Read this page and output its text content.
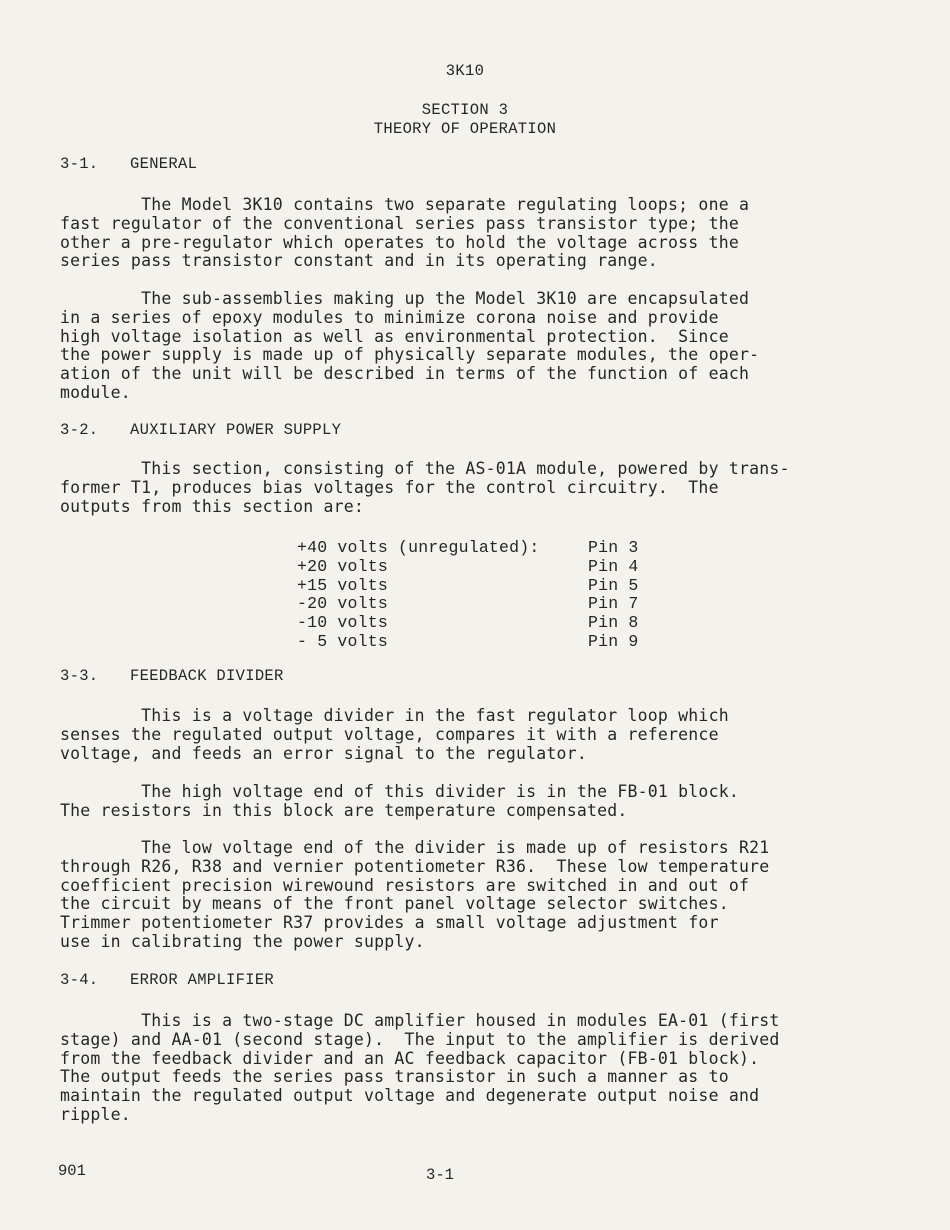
3K10
SECTION 3
THEORY OF OPERATION
3-1. GENERAL
The Model 3K10 contains two separate regulating loops; one a
fast regulator of the conventional series pass transistor type; the
other a pre-regulator which operates to hold the voltage across the
series pass transistor constant and in its operating range.
The sub-assemblies making up the Model 3K10 are encapsulated
in a series of epoxy modules to minimize corona noise and provide
high voltage isolation as well as environmental protection.  Since
the power supply is made up of physically separate modules, the oper-
ation of the unit will be described in terms of the function of each
module.
3-2. AUXILIARY POWER SUPPLY
This section, consisting of the AS-01A module, powered by trans-
former T1, produces bias voltages for the control circuitry.  The
outputs from this section are:
+40 volts (unregulated):	Pin 3
+20 volts	Pin 4
+15 volts	Pin 5
-20 volts	Pin 7
-10 volts	Pin 8
- 5 volts	Pin 9
3-3. FEEDBACK DIVIDER
This is a voltage divider in the fast regulator loop which
senses the regulated output voltage, compares it with a reference
voltage, and feeds an error signal to the regulator.
The high voltage end of this divider is in the FB-01 block.
The resistors in this block are temperature compensated.
The low voltage end of the divider is made up of resistors R21
through R26, R38 and vernier potentiometer R36.  These low temperature
coefficient precision wirewound resistors are switched in and out of
the circuit by means of the front panel voltage selector switches.
Trimmer potentiometer R37 provides a small voltage adjustment for
use in calibrating the power supply.
3-4. ERROR AMPLIFIER
This is a two-stage DC amplifier housed in modules EA-01 (first
stage) and AA-01 (second stage).  The input to the amplifier is derived
from the feedback divider and an AC feedback capacitor (FB-01 block).
The output feeds the series pass transistor in such a manner as to
maintain the regulated output voltage and degenerate output noise and
ripple.
901	3-1
